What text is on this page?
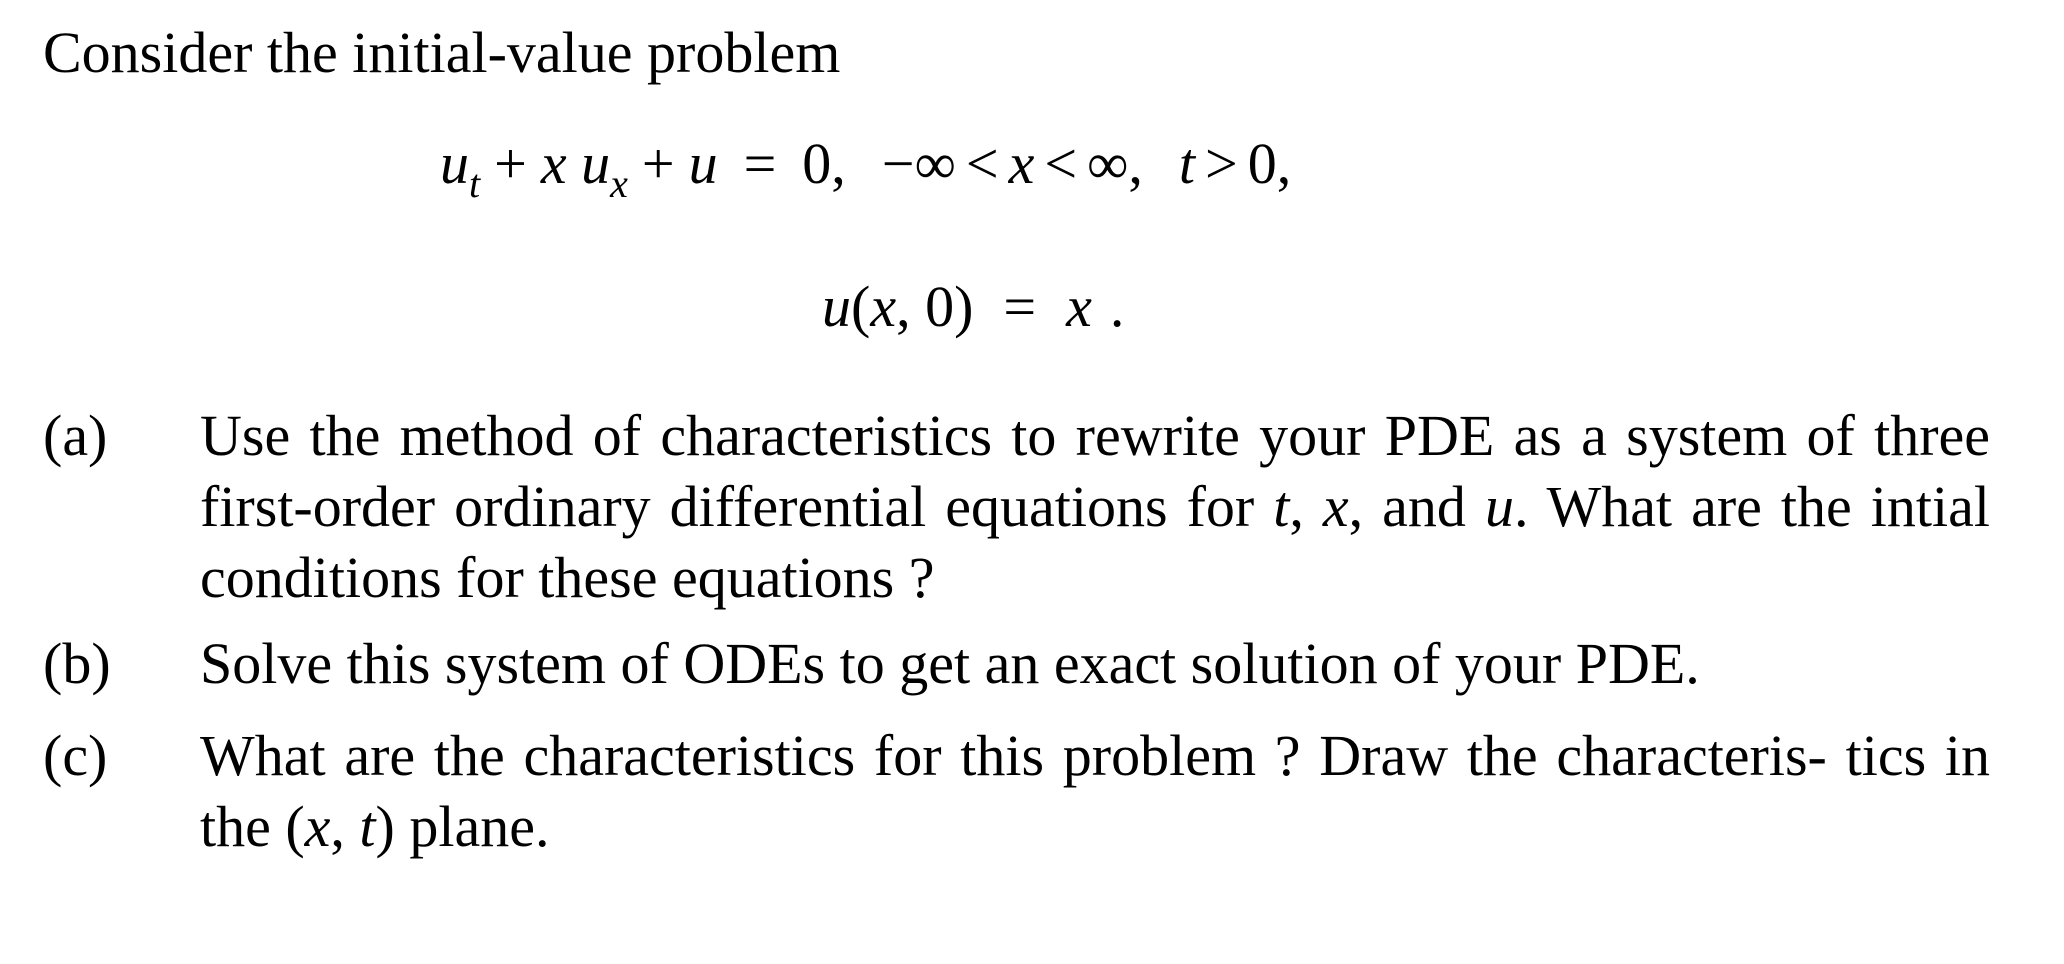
Consider the initial-value problem
$u_t + x$ $u_x + u = 0$, −∞ < x < ∞, t > 0,
u(x, 0) = x .
(a) Use the method of characteristics to rewrite your PDE as a system of three first-order ordinary differential equations for t, x, and u. What are the intial conditions for these equations ?
(b) Solve this system of ODEs to get an exact solution of your PDE.
(c) What are the characteristics for this problem ? Draw the characteris- tics in the (x, t) plane.
